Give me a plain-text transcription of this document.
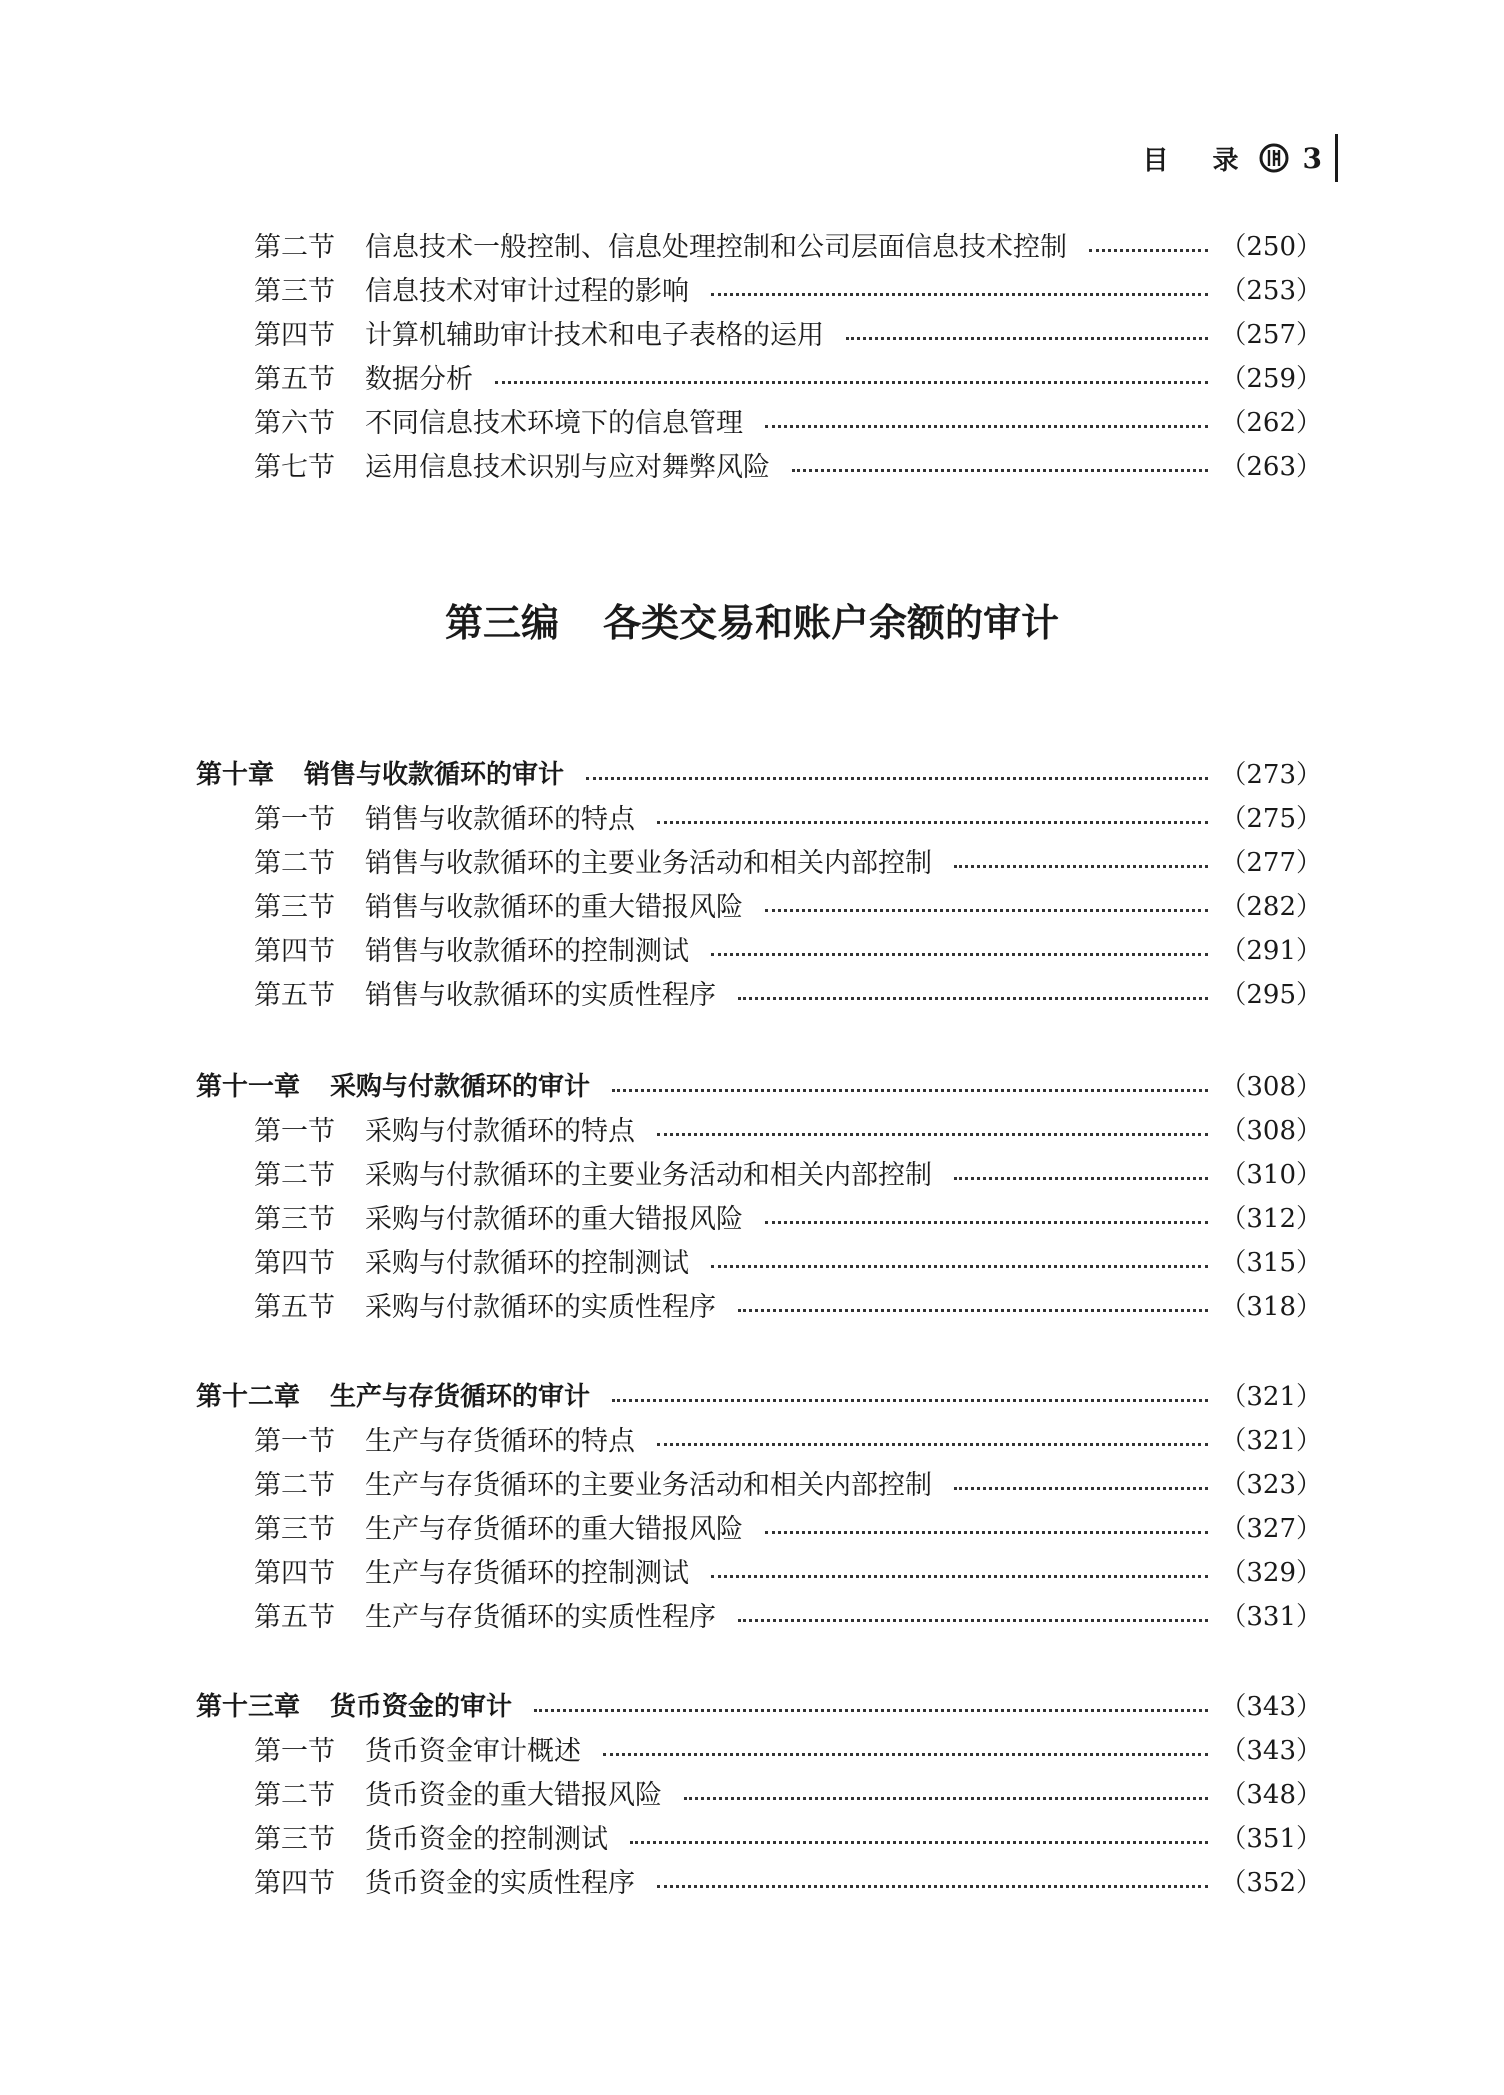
目 录 3
第三编 各类交易和账户余额的审计
第二节 信息技术一般控制、信息处理控制和公司层面信息技术控制	（250）
第三节 信息技术对审计过程的影响	（253）
第四节 计算机辅助审计技术和电子表格的运用	（257）
第五节 数据分析	（259）
第六节 不同信息技术环境下的信息管理	（262）
第七节 运用信息技术识别与应对舞弊风险	（263）
第十章 销售与收款循环的审计	（273）
第一节 销售与收款循环的特点	（275）
第二节 销售与收款循环的主要业务活动和相关内部控制	（277）
第三节 销售与收款循环的重大错报风险	（282）
第四节 销售与收款循环的控制测试	（291）
第五节 销售与收款循环的实质性程序	（295）
第十一章 采购与付款循环的审计	（308）
第一节 采购与付款循环的特点	（308）
第二节 采购与付款循环的主要业务活动和相关内部控制	（310）
第三节 采购与付款循环的重大错报风险	（312）
第四节 采购与付款循环的控制测试	（315）
第五节 采购与付款循环的实质性程序	（318）
第十二章 生产与存货循环的审计	（321）
第一节 生产与存货循环的特点	（321）
第二节 生产与存货循环的主要业务活动和相关内部控制	（323）
第三节 生产与存货循环的重大错报风险	（327）
第四节 生产与存货循环的控制测试	（329）
第五节 生产与存货循环的实质性程序	（331）
第十三章 货币资金的审计	（343）
第一节 货币资金审计概述	（343）
第二节 货币资金的重大错报风险	（348）
第三节 货币资金的控制测试	（351）
第四节 货币资金的实质性程序	（352）
